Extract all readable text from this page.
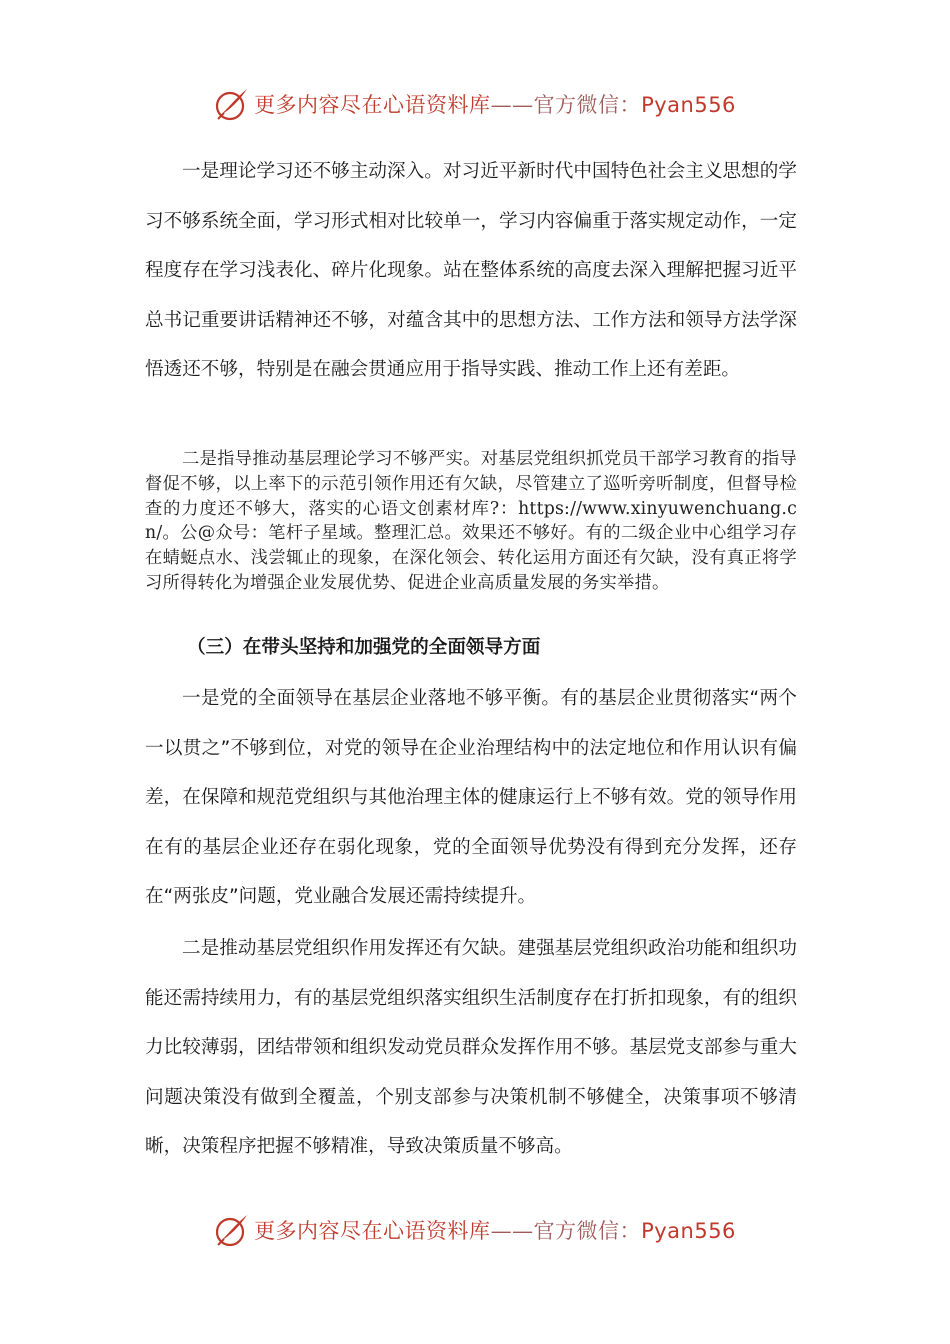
更多内容尽在心语资料库——官方微信：Pyan556

一是理论学习还不够主动深入。对习近平新时代中国特色社会主义思想的学习不够系统全面，学习形式相对比较单一，学习内容偏重于落实规定动作，一定程度存在学习浅表化、碎片化现象。站在整体系统的高度去深入理解把握习近平总书记重要讲话精神还不够，对蕴含其中的思想方法、工作方法和领导方法学深悟透还不够，特别是在融会贯通应用于指导实践、推动工作上还有差距。

二是指导推动基层理论学习不够严实。对基层党组织抓党员干部学习教育的指导督促不够，以上率下的示范引领作用还有欠缺，尽管建立了巡听旁听制度，但督导检查的力度还不够大，落实的心语文创素材库?：https://www.xinyuwenchuang.cn/。公@众号：笔杆子星域。整理汇总。效果还不够好。有的二级企业中心组学习存在蜻蜓点水、浅尝辄止的现象，在深化领会、转化运用方面还有欠缺，没有真正将学习所得转化为增强企业发展优势、促进企业高质量发展的务实举措。

（三）在带头坚持和加强党的全面领导方面

一是党的全面领导在基层企业落地不够平衡。有的基层企业贯彻落实“两个一以贯之”不够到位，对党的领导在企业治理结构中的法定地位和作用认识有偏差，在保障和规范党组织与其他治理主体的健康运行上不够有效。党的领导作用在有的基层企业还存在弱化现象，党的全面领导优势没有得到充分发挥，还存在“两张皮”问题，党业融合发展还需持续提升。

二是推动基层党组织作用发挥还有欠缺。建强基层党组织政治功能和组织功能还需持续用力，有的基层党组织落实组织生活制度存在打折扣现象，有的组织力比较薄弱，团结带领和组织发动党员群众发挥作用不够。基层党支部参与重大问题决策没有做到全覆盖，个别支部参与决策机制不够健全，决策事项不够清晰，决策程序把握不够精准，导致决策质量不够高。

更多内容尽在心语资料库——官方微信：Pyan556
